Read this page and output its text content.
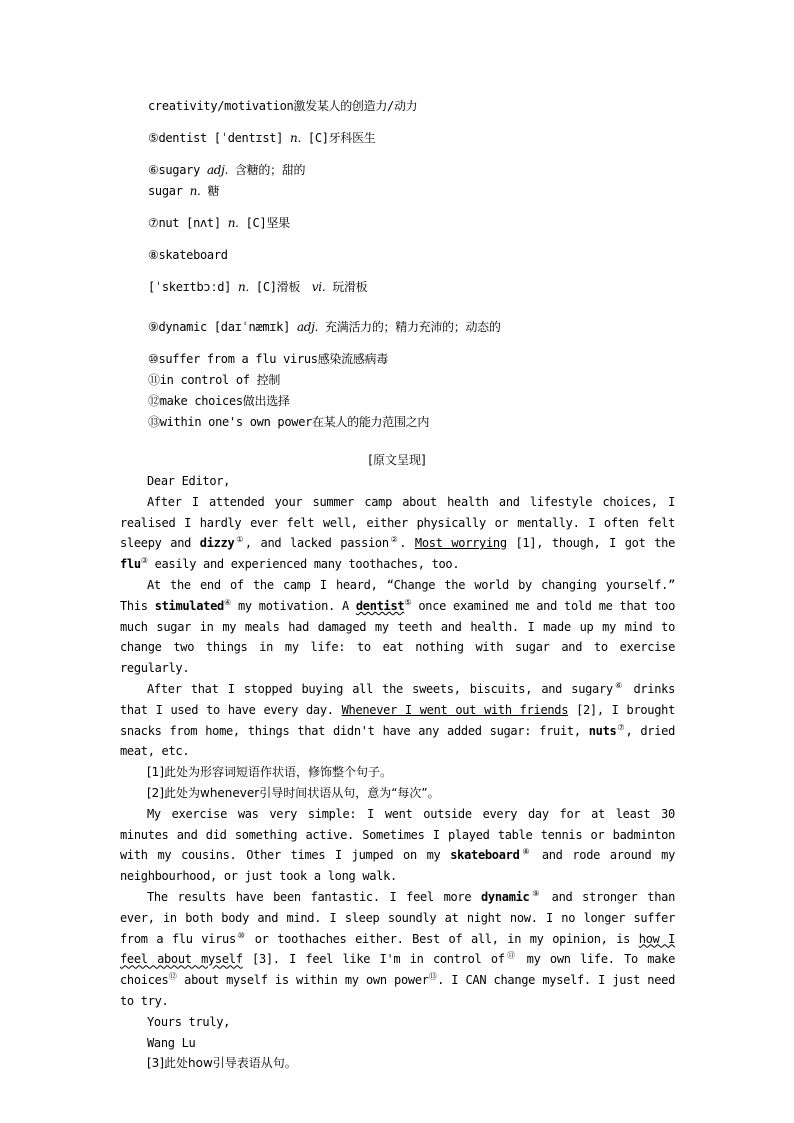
creativity/motivation激发某人的创造力/动力
⑤dentist [ˈdentɪst] n. [C]牙科医生
⑥sugary adj. 含糖的；甜的
sugar n. 糖
⑦nut [nʌt] n. [C]坚果
⑧skateboard
[ˈskeɪtbɔːd] n. [C]滑板　vi. 玩滑板
⑨dynamic [daɪˈnæmɪk] adj. 充满活力的；精力充沛的；动态的
⑩suffer from a flu virus感染流感病毒
⑪in control of 控制
⑫make choices做出选择
⑬within one's own power在某人的能力范围之内
[原文呈现]

Dear Editor,

After I attended your summer camp about health and lifestyle choices, I realised I hardly ever felt well, either physically or mentally. I often felt sleepy and dizzy①, and lacked passion②. Most worrying [1], though, I got the flu③ easily and experienced many toothaches, too.

At the end of the camp I heard, “Change the world by changing yourself.” This stimulated④ my motivation. A dentist⑤ once examined me and told me that too much sugar in my meals had damaged my teeth and health. I made up my mind to change two things in my life: to eat nothing with sugar and to exercise regularly.

After that I stopped buying all the sweets, biscuits, and sugary⑥ drinks that I used to have every day. Whenever I went out with friends [2], I brought snacks from home, things that didn't have any added sugar: fruit, nuts⑦, dried meat, etc.

[1]此处为形容词短语作状语，修饰整个句子。

[2]此处为whenever引导时间状语从句，意为“每次”。

My exercise was very simple: I went outside every day for at least 30 minutes and did something active. Sometimes I played table tennis or badminton with my cousins. Other times I jumped on my skateboard⑧ and rode around my neighbourhood, or just took a long walk.

The results have been fantastic. I feel more dynamic⑨ and stronger than ever, in both body and mind. I sleep soundly at night now. I no longer suffer from a flu virus⑩ or toothaches either. Best of all, in my opinion, is how I feel about myself [3]. I feel like I'm in control of⑪ my own life. To make choices⑫ about myself is within my own power⑬. I CAN change myself. I just need to try.

Yours truly,

Wang Lu

[3]此处how引导表语从句。
